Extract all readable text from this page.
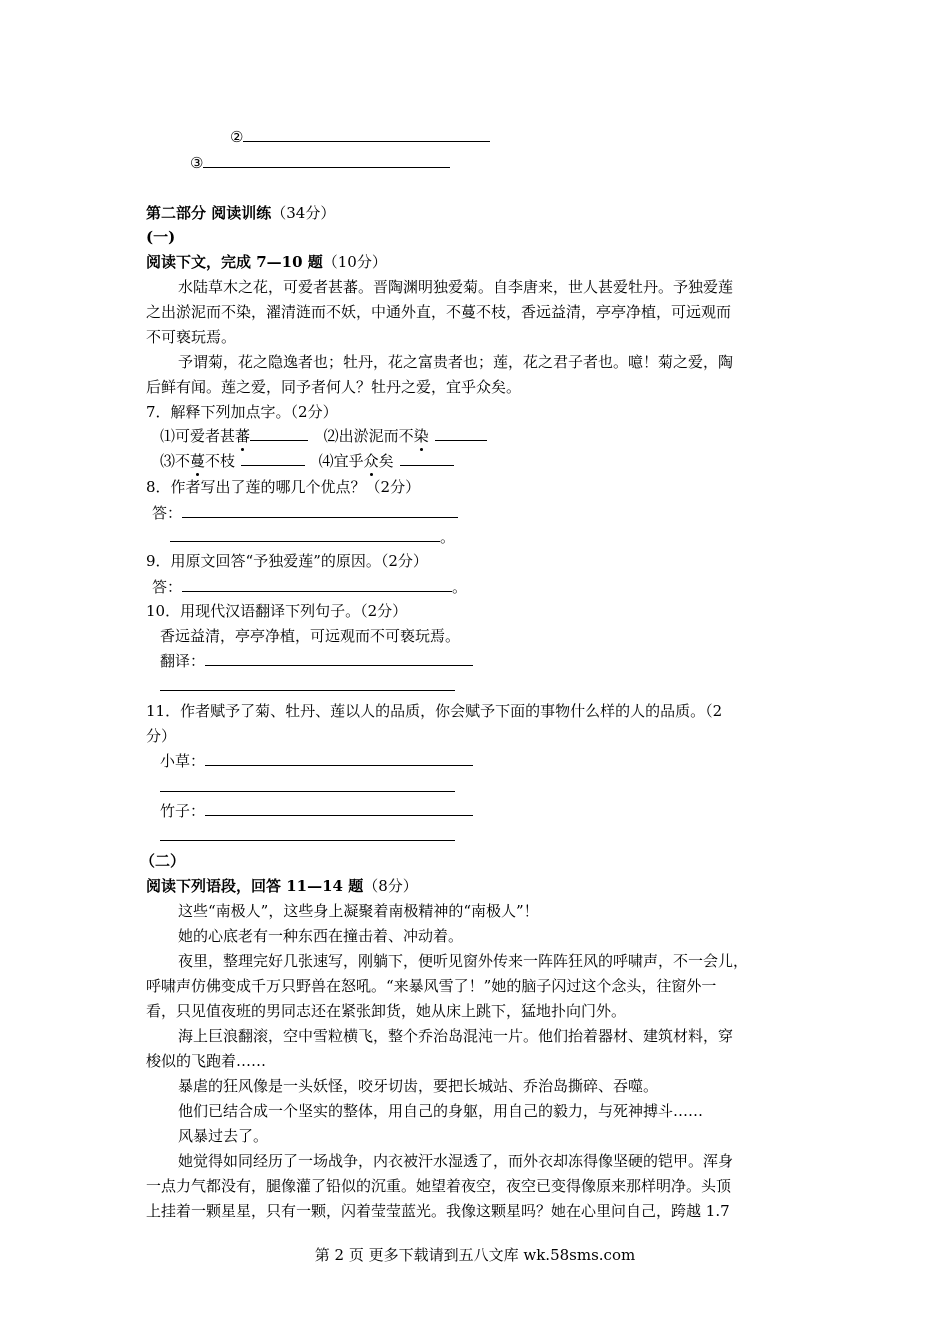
②
③
第二部分 阅读训练（34分）
(一)
阅读下文，完成 7—10 题（10分）
水陆草木之花，可爱者甚蕃。晋陶渊明独爱菊。自李唐来，世人甚爱牡丹。予独爱莲
之出淤泥而不染，濯清涟而不妖，中通外直，不蔓不枝，香远益清，亭亭净植，可远观而
不可亵玩焉。
予谓菊，花之隐逸者也；牡丹，花之富贵者也；莲，花之君子者也。噫！菊之爱，陶
后鲜有闻。莲之爱，同予者何人？牡丹之爱，宜乎众矣。
7．解释下列加点字。（2分）
⑴可爱者甚蕃	⑵出淤泥而不染
⑶不蔓不枝	⑷宜乎众矣
8．作者写出了莲的哪几个优点？（2分）
答：
。
9．用原文回答“予独爱莲”的原因。（2分）
答：	。
10．用现代汉语翻译下列句子。（2分）
香远益清，亭亭净植，可远观而不可亵玩焉。
翻译：
11．作者赋予了菊、牡丹、莲以人的品质，你会赋予下面的事物什么样的人的品质。（2
分）
小草：
竹子：
（二）
阅读下列语段，回答 11—14 题（8分）
这些“南极人”，这些身上凝聚着南极精神的“南极人”！
她的心底老有一种东西在撞击着、冲动着。
夜里，整理完好几张速写，刚躺下，便听见窗外传来一阵阵狂风的呼啸声，不一会儿，
呼啸声仿佛变成千万只野兽在怒吼。“来暴风雪了！”她的脑子闪过这个念头，往窗外一
看，只见值夜班的男同志还在紧张卸货，她从床上跳下，猛地扑向门外。
海上巨浪翻滚，空中雪粒横飞，整个乔治岛混沌一片。他们抬着器材、建筑材料，穿
梭似的飞跑着……
暴虐的狂风像是一头妖怪，咬牙切齿，要把长城站、乔治岛撕碎、吞噬。
他们已结合成一个坚实的整体，用自己的身躯，用自己的毅力，与死神搏斗……
风暴过去了。
她觉得如同经历了一场战争，内衣被汗水湿透了，而外衣却冻得像坚硬的铠甲。浑身
一点力气都没有，腿像灌了铅似的沉重。她望着夜空，夜空已变得像原来那样明净。头顶
上挂着一颗星星，只有一颗，闪着莹莹蓝光。我像这颗星吗？她在心里问自己，跨越 1.7
第 2 页 更多下载请到五八文库 wk.58sms.com
